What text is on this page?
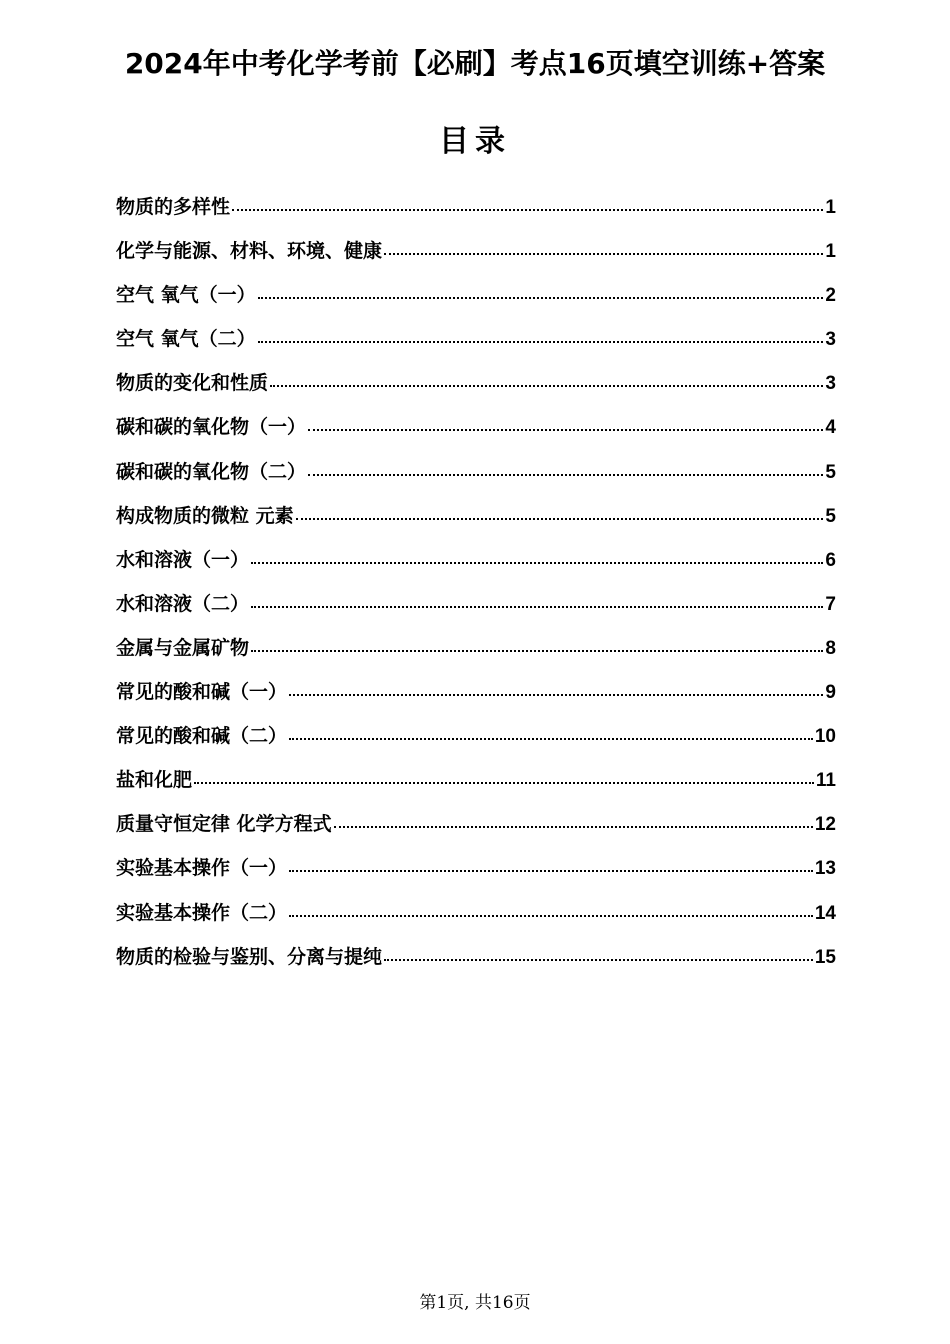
2024年中考化学考前【必刷】考点16页填空训练+答案
目录
物质的多样性	1
化学与能源、材料、环境、健康	1
空气 氧气（一）	2
空气 氧气（二）	3
物质的变化和性质	3
碳和碳的氧化物（一）	4
碳和碳的氧化物（二）	5
构成物质的微粒 元素	5
水和溶液（一）	6
水和溶液（二）	7
金属与金属矿物	8
常见的酸和碱（一）	9
常见的酸和碱（二）	10
盐和化肥	11
质量守恒定律 化学方程式	12
实验基本操作（一）	13
实验基本操作（二）	14
物质的检验与鉴别、分离与提纯	15
第1页, 共16页
